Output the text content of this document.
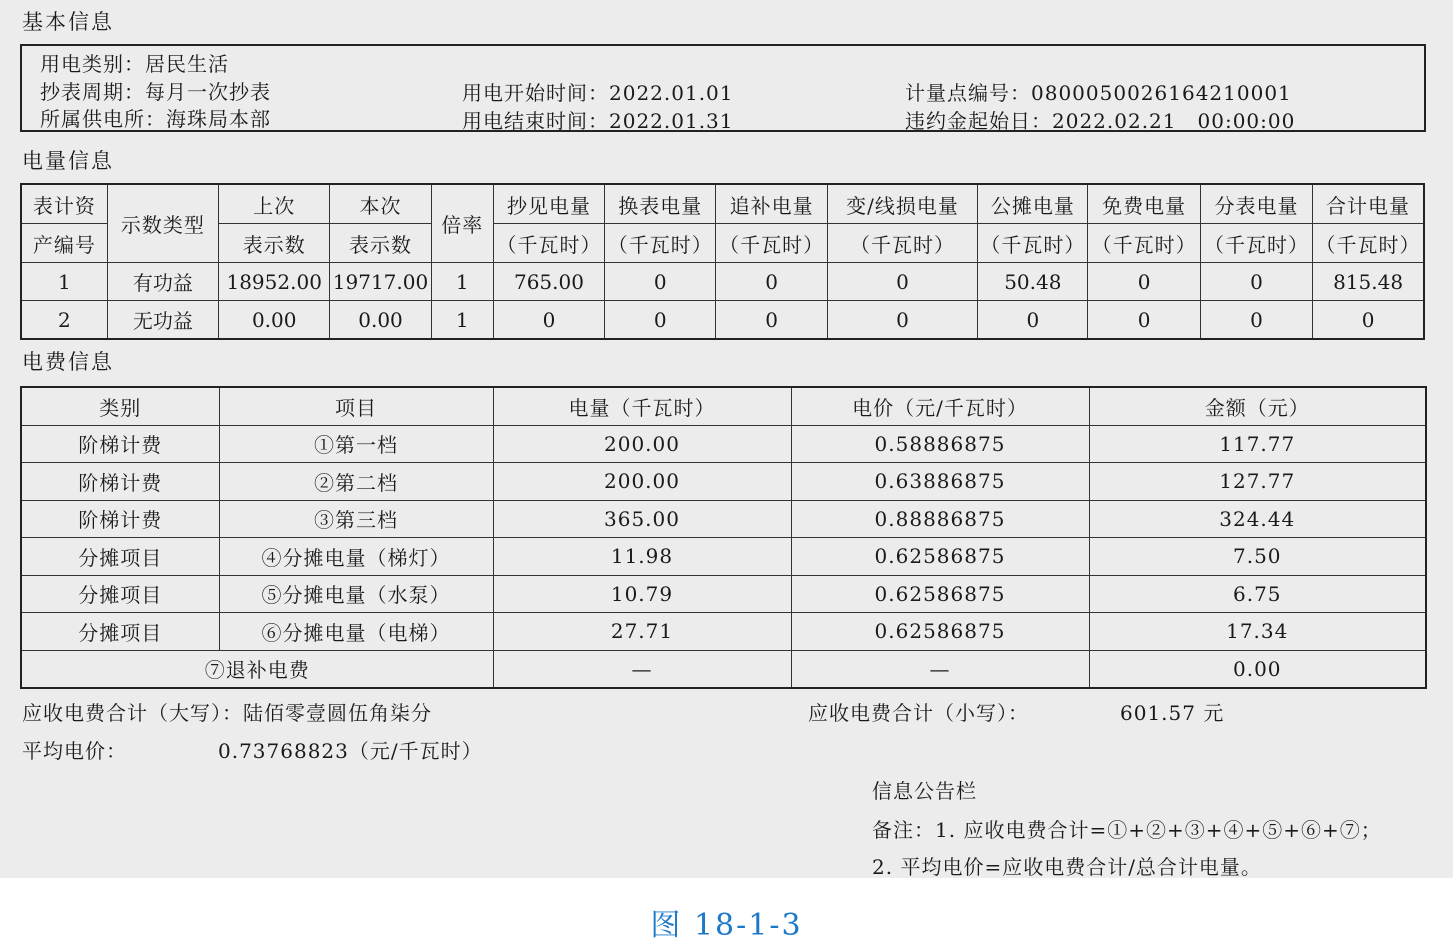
基本信息
用电类别：居民生活
抄表周期：每月一次抄表
所属供电所：海珠局本部
用电开始时间：2022.01.01
用电结束时间：2022.01.31
计量点编号：0800050026164210001
违约金起始日：2022.02.21　00:00:00
电量信息
表计资	示数类型	上次	本次	倍率	抄见电量	换表电量	追补电量	变/线损电量	公摊电量	免费电量	分表电量	合计电量
产编号		表示数	表示数		（千瓦时）	（千瓦时）	（千瓦时）	（千瓦时）	（千瓦时）	（千瓦时）	（千瓦时）	（千瓦时）
1	有功益	18952.00	19717.00	1	765.00	0	0	0	50.48	0	0	815.48
2	无功益	0.00	0.00	1	0	0	0	0	0	0	0	0
电费信息
类别	项目	电量（千瓦时）	电价（元/千瓦时）	金额（元）
阶梯计费	①第一档	200.00	0.58886875	117.77
阶梯计费	②第二档	200.00	0.63886875	127.77
阶梯计费	③第三档	365.00	0.88886875	324.44
分摊项目	④分摊电量（梯灯）	11.98	0.62586875	7.50
分摊项目	⑤分摊电量（水泵）	10.79	0.62586875	6.75
分摊项目	⑥分摊电量（电梯）	27.71	0.62586875	17.34
⑦退补电费		—	—	0.00
应收电费合计（大写）：陆佰零壹圆伍角柒分	应收电费合计（小写）：	601.57 元
平均电价：	0.73768823（元/千瓦时）
信息公告栏
备注：1. 应收电费合计=①+②+③+④+⑤+⑥+⑦；
2. 平均电价=应收电费合计/总合计电量。
图 18-1-3
